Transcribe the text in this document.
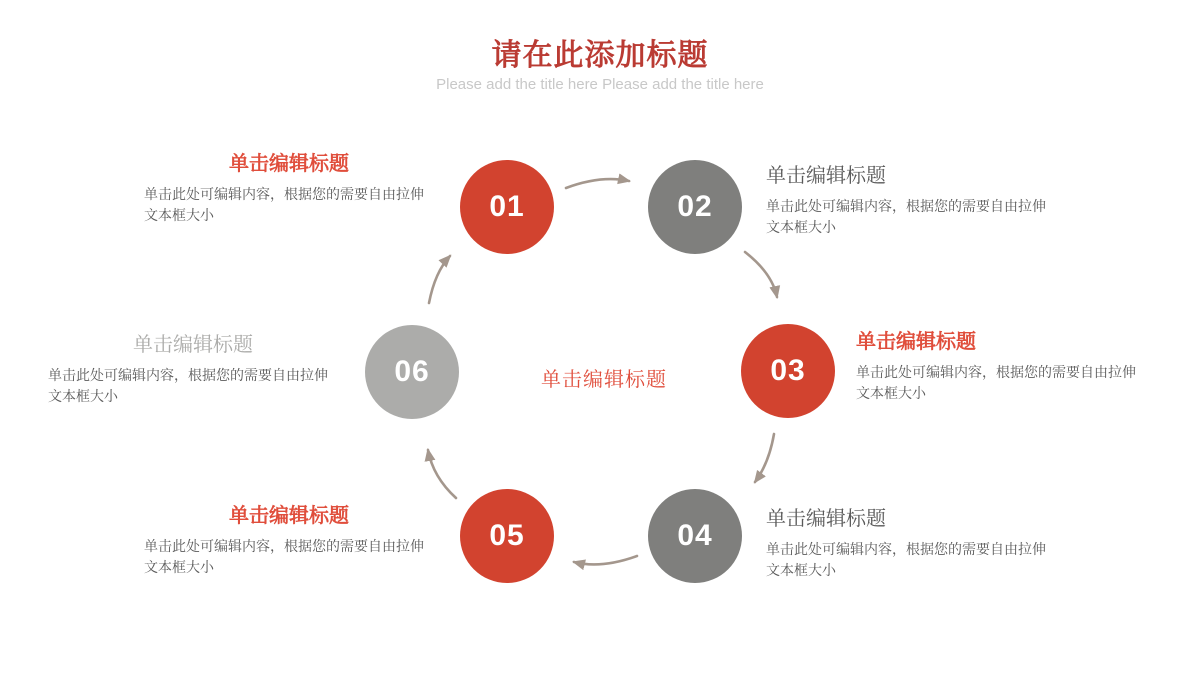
请在此添加标题

Please add the title here Please add the title here

01	02
03
04
05
06
单击编辑标题

单击此处可编辑内容，根据您的需要自由拉伸文本框大小

单击编辑标题

单击此处可编辑内容，根据您的需要自由拉伸文本框大小

单击编辑标题

单击此处可编辑内容，根据您的需要自由拉伸文本框大小

单击编辑标题

单击此处可编辑内容，根据您的需要自由拉伸文本框大小

单击编辑标题

单击此处可编辑内容，根据您的需要自由拉伸文本框大小

单击编辑标题

单击此处可编辑内容，根据您的需要自由拉伸文本框大小

单击编辑标题
